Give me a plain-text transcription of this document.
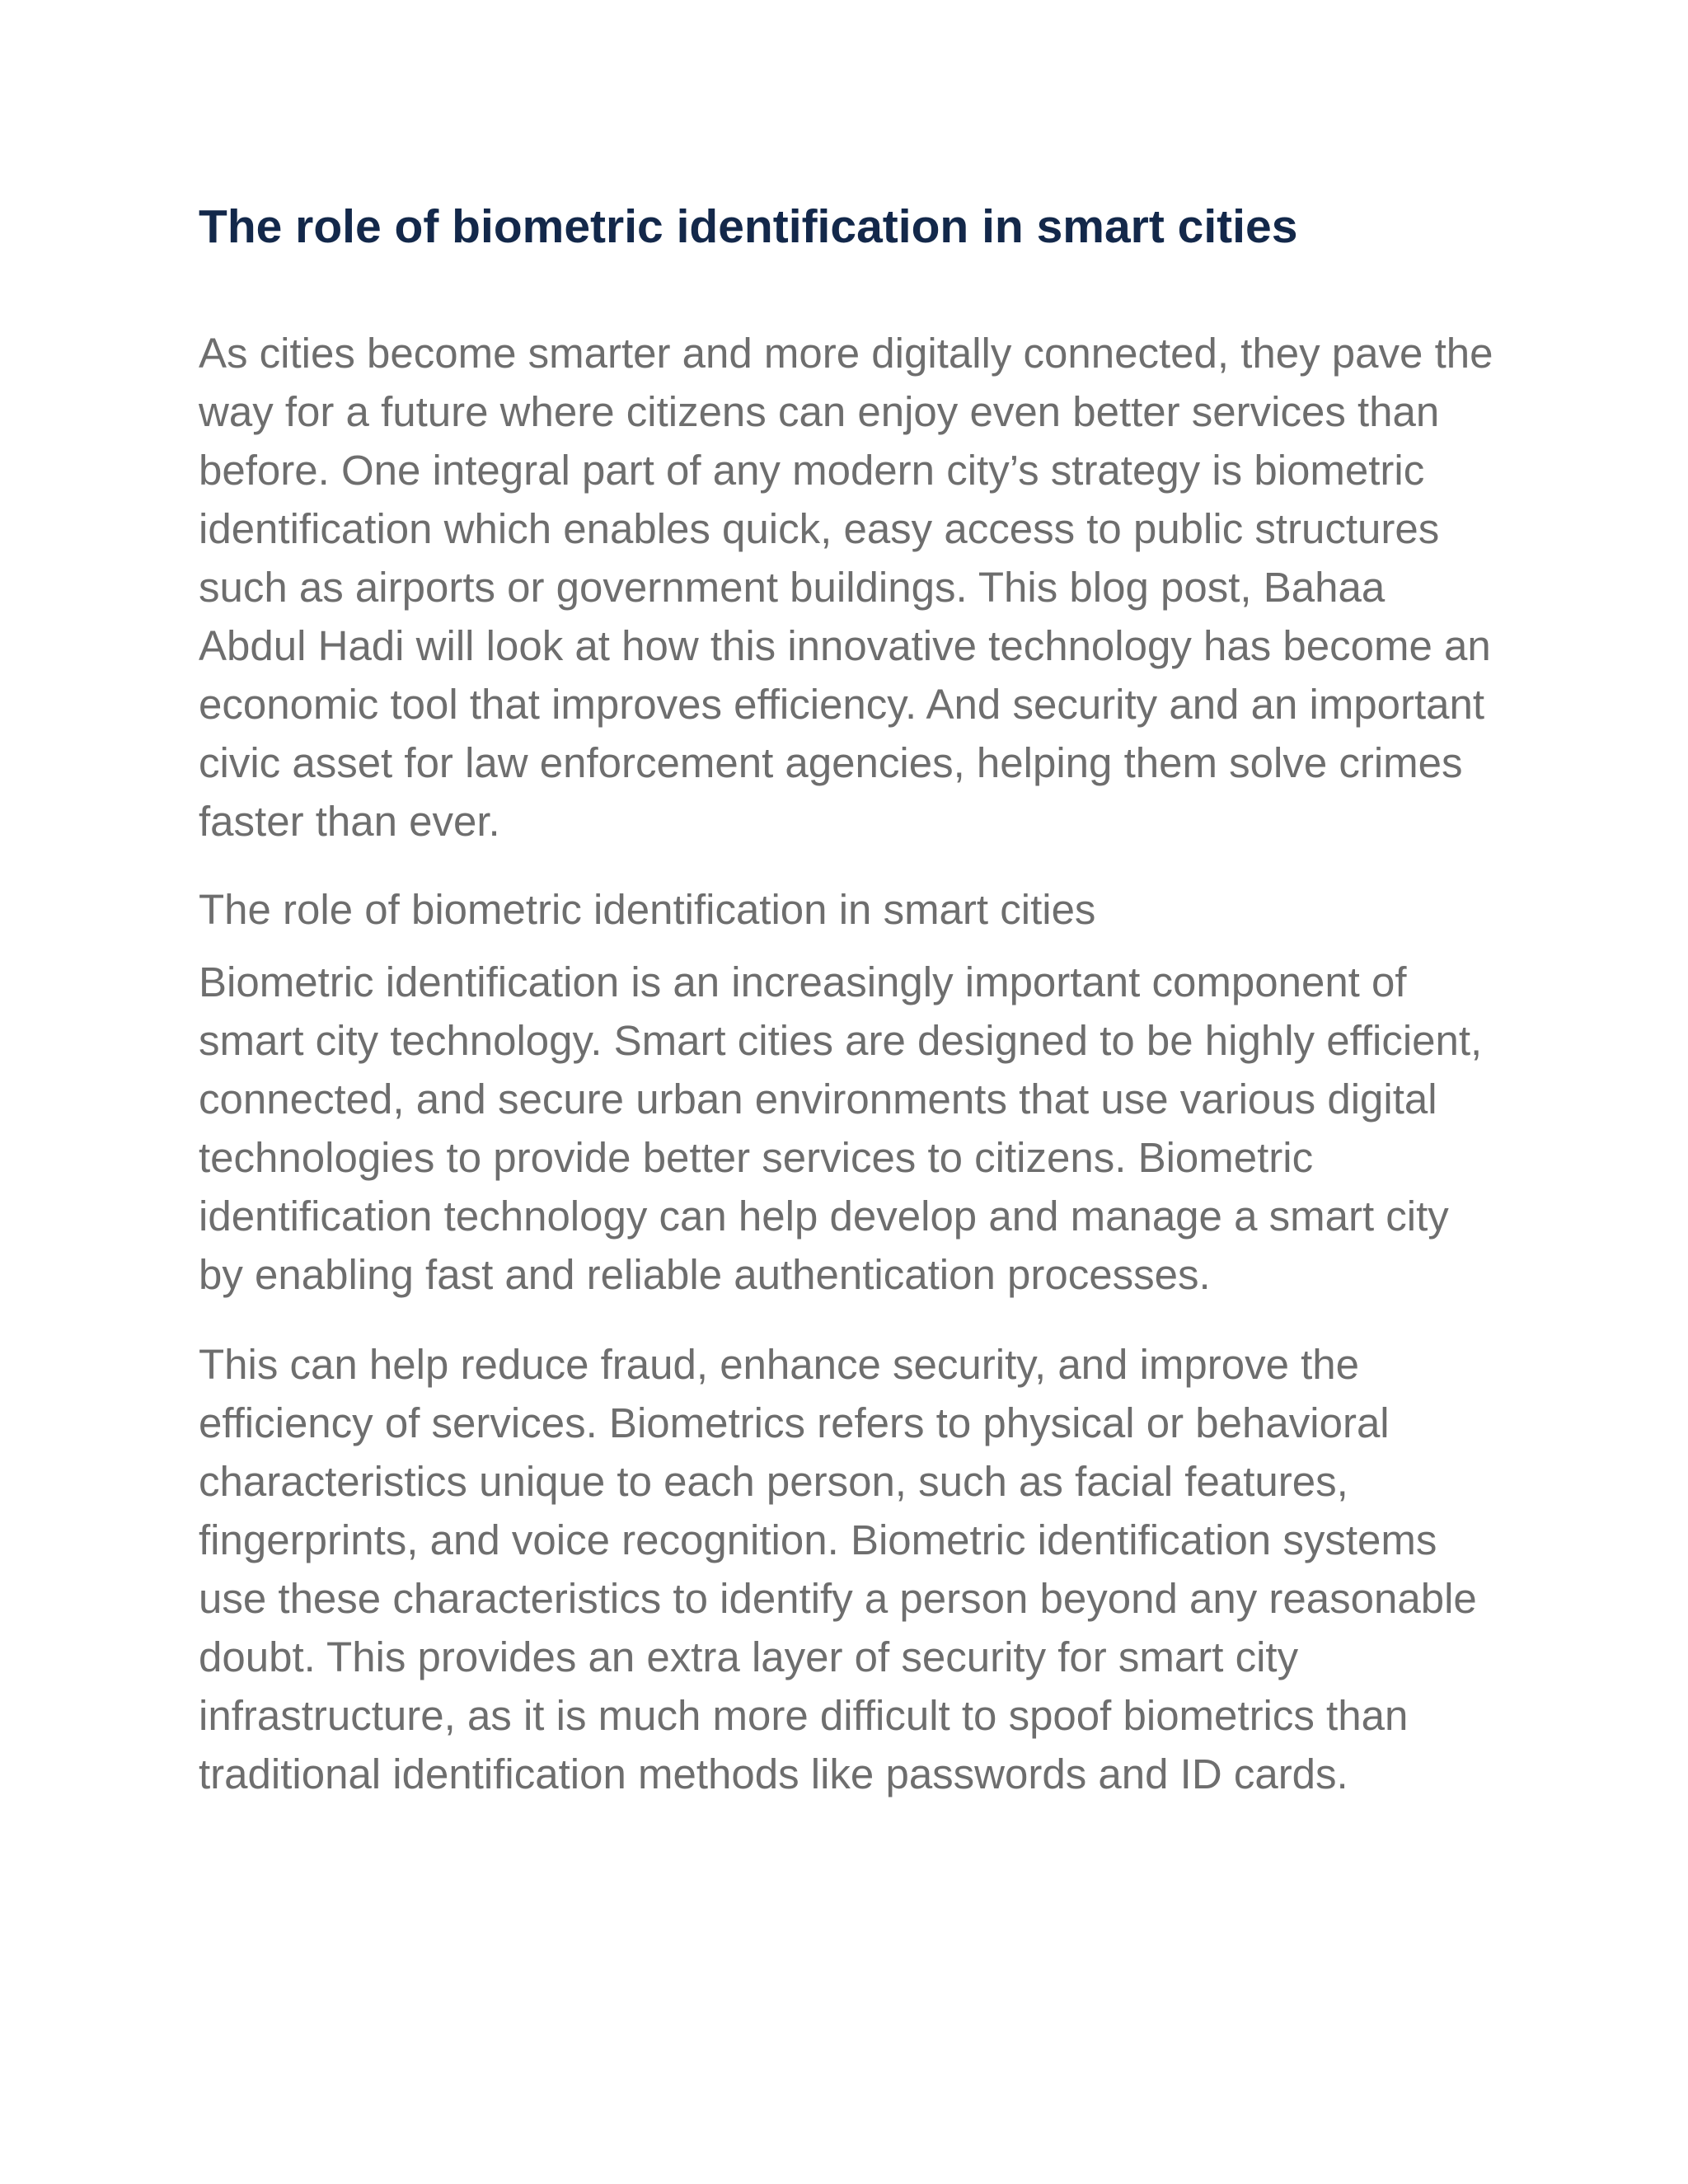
The role of biometric identification in smart cities

As cities become smarter and more digitally connected, they pave the way for a future where citizens can enjoy even better services than before. One integral part of any modern city’s strategy is biometric identification which enables quick, easy access to public structures such as airports or government buildings. This blog post, Bahaa Abdul Hadi will look at how this innovative technology has become an economic tool that improves efficiency. And security and an important civic asset for law enforcement agencies, helping them solve crimes faster than ever.

The role of biometric identification in smart cities

Biometric identification is an increasingly important component of smart city technology. Smart cities are designed to be highly efficient, connected, and secure urban environments that use various digital technologies to provide better services to citizens. Biometric identification technology can help develop and manage a smart city by enabling fast and reliable authentication processes.

This can help reduce fraud, enhance security, and improve the efficiency of services. Biometrics refers to physical or behavioral characteristics unique to each person, such as facial features, fingerprints, and voice recognition. Biometric identification systems use these characteristics to identify a person beyond any reasonable doubt. This provides an extra layer of security for smart city infrastructure, as it is much more difficult to spoof biometrics than traditional identification methods like passwords and ID cards.
